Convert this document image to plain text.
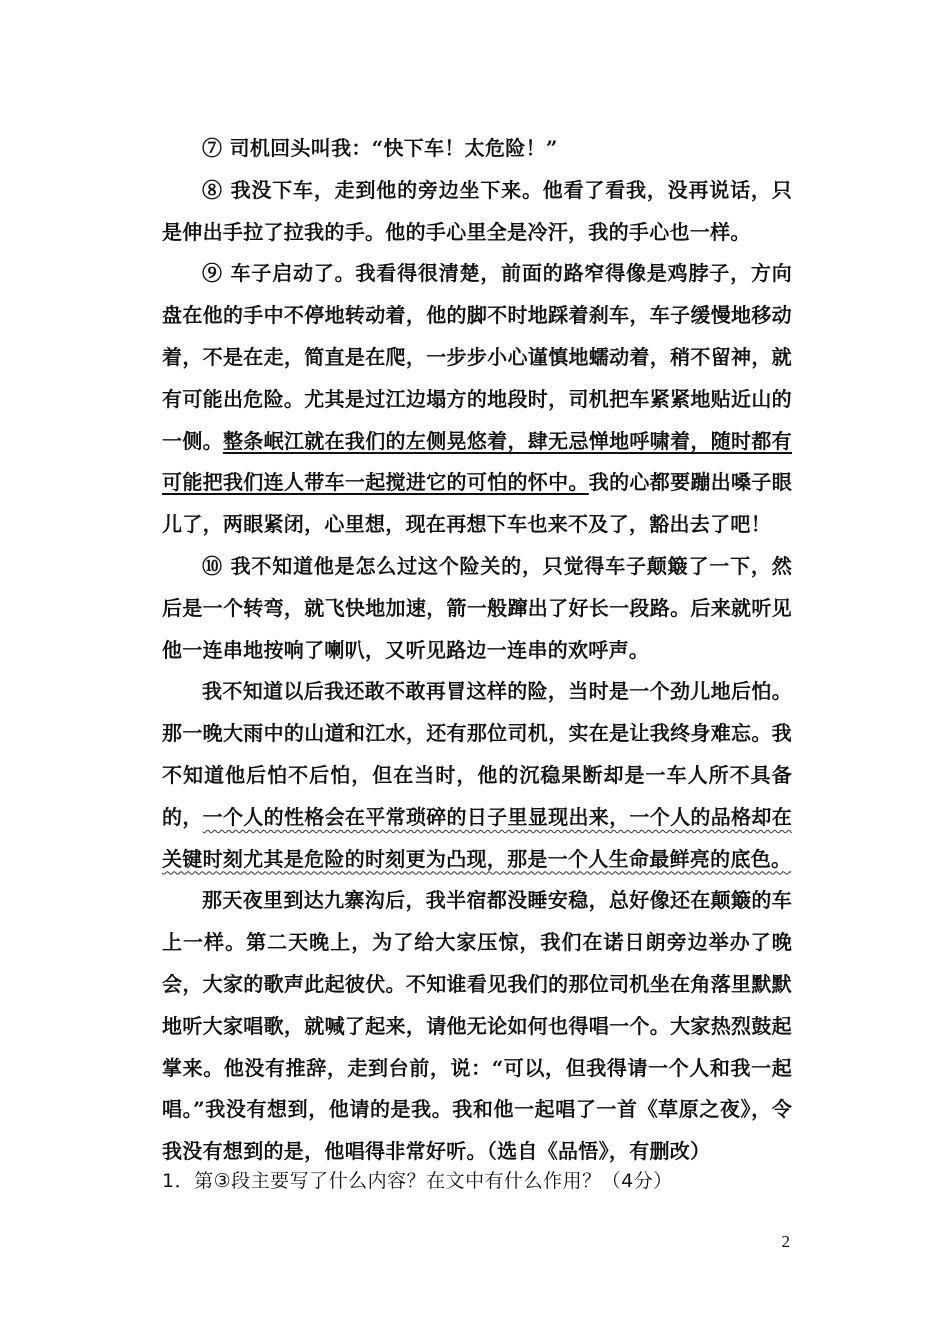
⑦ 司机回头叫我：“快下车！太危险！”

⑧ 我没下车，走到他的旁边坐下来。他看了看我，没再说话，只是伸出手拉了拉我的手。他的手心里全是冷汗，我的手心也一样。

⑨ 车子启动了。我看得很清楚，前面的路窄得像是鸡脖子，方向盘在他的手中不停地转动着，他的脚不时地踩着刹车，车子缓慢地移动着，不是在走，简直是在爬，一步步小心谨慎地蠕动着，稍不留神，就有可能出危险。尤其是过江边塌方的地段时，司机把车紧紧地贴近山的一侧。整条岷江就在我们的左侧晃悠着，肆无忌惮地呼啸着，随时都有可能把我们连人带车一起搅进它的可怕的怀中。我的心都要蹦出嗓子眼儿了，两眼紧闭，心里想，现在再想下车也来不及了，豁出去了吧！

⑩ 我不知道他是怎么过这个险关的，只觉得车子颠簸了一下，然后是一个转弯，就飞快地加速，箭一般蹿出了好长一段路。后来就听见他一连串地按响了喇叭，又听见路边一连串的欢呼声。

我不知道以后我还敢不敢再冒这样的险，当时是一个劲儿地后怕。那一晚大雨中的山道和江水，还有那位司机，实在是让我终身难忘。我不知道他后怕不后怕，但在当时，他的沉稳果断却是一车人所不具备的，一个人的性格会在平常琐碎的日子里显现出来，一个人的品格却在关键时刻尤其是危险的时刻更为凸现，那是一个人生命最鲜亮的底色。

那天夜里到达九寨沟后，我半宿都没睡安稳，总好像还在颠簸的车上一样。第二天晚上，为了给大家压惊，我们在诺日朗旁边举办了晚会，大家的歌声此起彼伏。不知谁看见我们的那位司机坐在角落里默默地听大家唱歌，就喊了起来，请他无论如何也得唱一个。大家热烈鼓起掌来。他没有推辞，走到台前，说：“可以，但我得请一个人和我一起唱。”我没有想到，他请的是我。我和他一起唱了一首《草原之夜》，令我没有想到的是，他唱得非常好听。（选自《品悟》，有删改）

1．第③段主要写了什么内容？在文中有什么作用？（4分）

2
